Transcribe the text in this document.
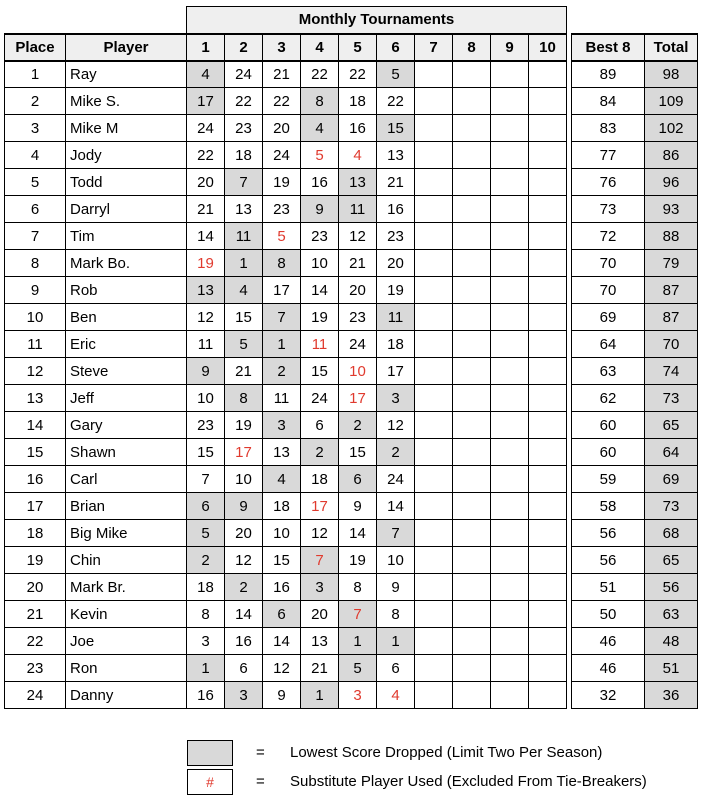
		Monthly Tournaments												
Place	Player	1	2	3	4	5	6	7	8	9	10		Best 8	Total
1	Ray	4	24	21	22	22	5						89	98
2	Mike S.	17	22	22	8	18	22						84	109
3	Mike M	24	23	20	4	16	15						83	102
4	Jody	22	18	24	5	4	13						77	86
5	Todd	20	7	19	16	13	21						76	96
6	Darryl	21	13	23	9	11	16						73	93
7	Tim	14	11	5	23	12	23						72	88
8	Mark Bo.	19	1	8	10	21	20						70	79
9	Rob	13	4	17	14	20	19						70	87
10	Ben	12	15	7	19	23	11						69	87
11	Eric	11	5	1	11	24	18						64	70
12	Steve	9	21	2	15	10	17						63	74
13	Jeff	10	8	11	24	17	3						62	73
14	Gary	23	19	3	6	2	12						60	65
15	Shawn	15	17	13	2	15	2						60	64
16	Carl	7	10	4	18	6	24						59	69
17	Brian	6	9	18	17	9	14						58	73
18	Big Mike	5	20	10	12	14	7						56	68
19	Chin	2	12	15	7	19	10						56	65
20	Mark Br.	18	2	16	3	8	9						51	56
21	Kevin	8	14	6	20	7	8						50	63
22	Joe	3	16	14	13	1	1						46	48
23	Ron	1	6	12	21	5	6						46	51
24	Danny	16	3	9	1	3	4						32	36
= Lowest Score Dropped (Limit Two Per Season)
#	= Substitute Player Used (Excluded From Tie-Breakers)
